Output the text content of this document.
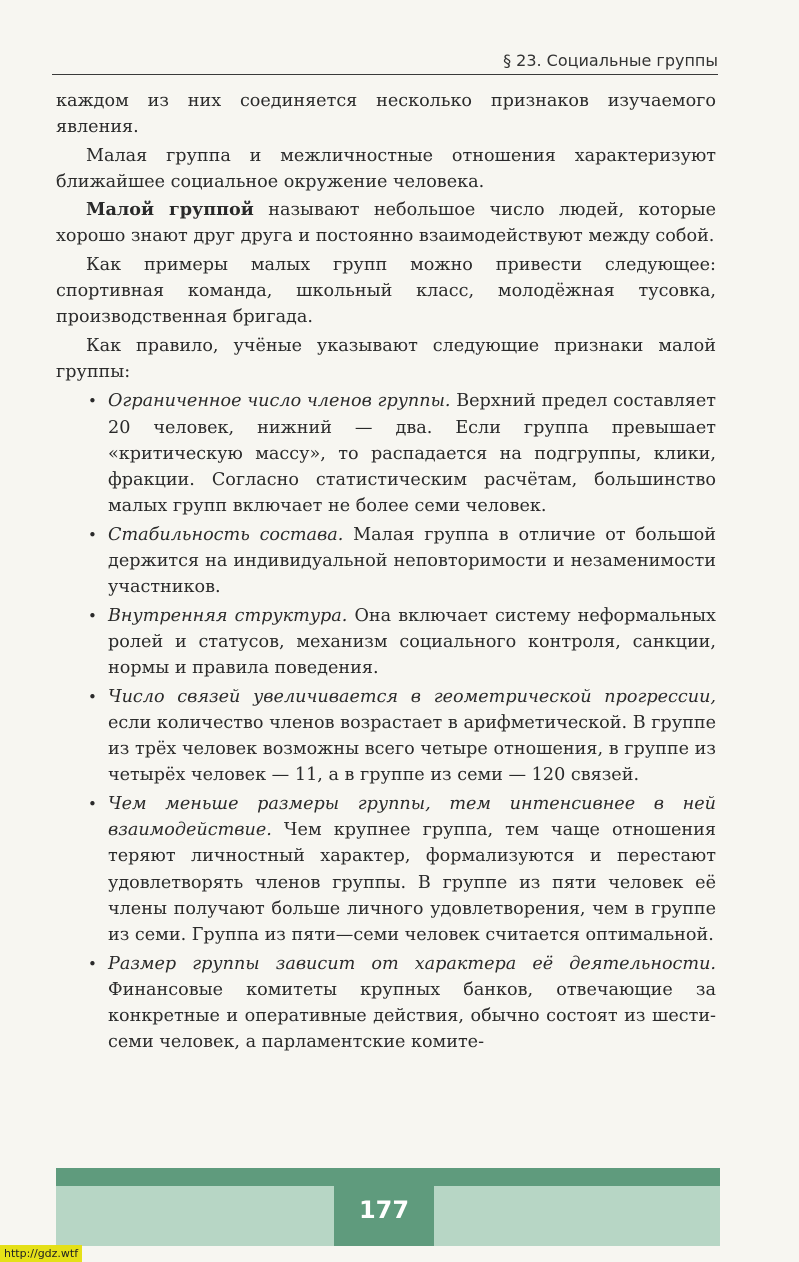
§ 23. Социальные группы

каждом из них соединяется несколько признаков изучаемого явления.

Малая группа и межличностные отношения характеризуют ближайшее социальное окружение человека.

Малой группой называют небольшое число людей, которые хорошо знают друг друга и постоянно взаимодействуют между собой.

Как примеры малых групп можно привести следующее: спортивная команда, школьный класс, молодёжная тусовка, производственная бригада.

Как правило, учёные указывают следующие признаки малой группы:

• Ограниченное число членов группы. Верхний предел составляет 20 человек, нижний — два. Если группа превышает «критическую массу», то распадается на подгруппы, клики, фракции. Согласно статистическим расчётам, большинство малых групп включает не более семи человек.
• Стабильность состава. Малая группа в отличие от большой держится на индивидуальной неповторимости и незаменимости участников.
• Внутренняя структура. Она включает систему неформальных ролей и статусов, механизм социального контроля, санкции, нормы и правила поведения.
• Число связей увеличивается в геометрической прогрессии, если количество членов возрастает в арифметической. В группе из трёх человек возможны всего четыре отношения, в группе из четырёх человек — 11, а в группе из семи — 120 связей.
• Чем меньше размеры группы, тем интенсивнее в ней взаимодействие. Чем крупнее группа, тем чаще отношения теряют личностный характер, формализуются и перестают удовлетворять членов группы. В группе из пяти человек её члены получают больше личного удовлетворения, чем в группе из семи. Группа из пяти—семи человек считается оптимальной.
• Размер группы зависит от характера её деятельности. Финансовые комитеты крупных банков, отвечающие за конкретные и оперативные действия, обычно состоят из шести-семи человек, а парламентские комите-
177
http://gdz.wtf
